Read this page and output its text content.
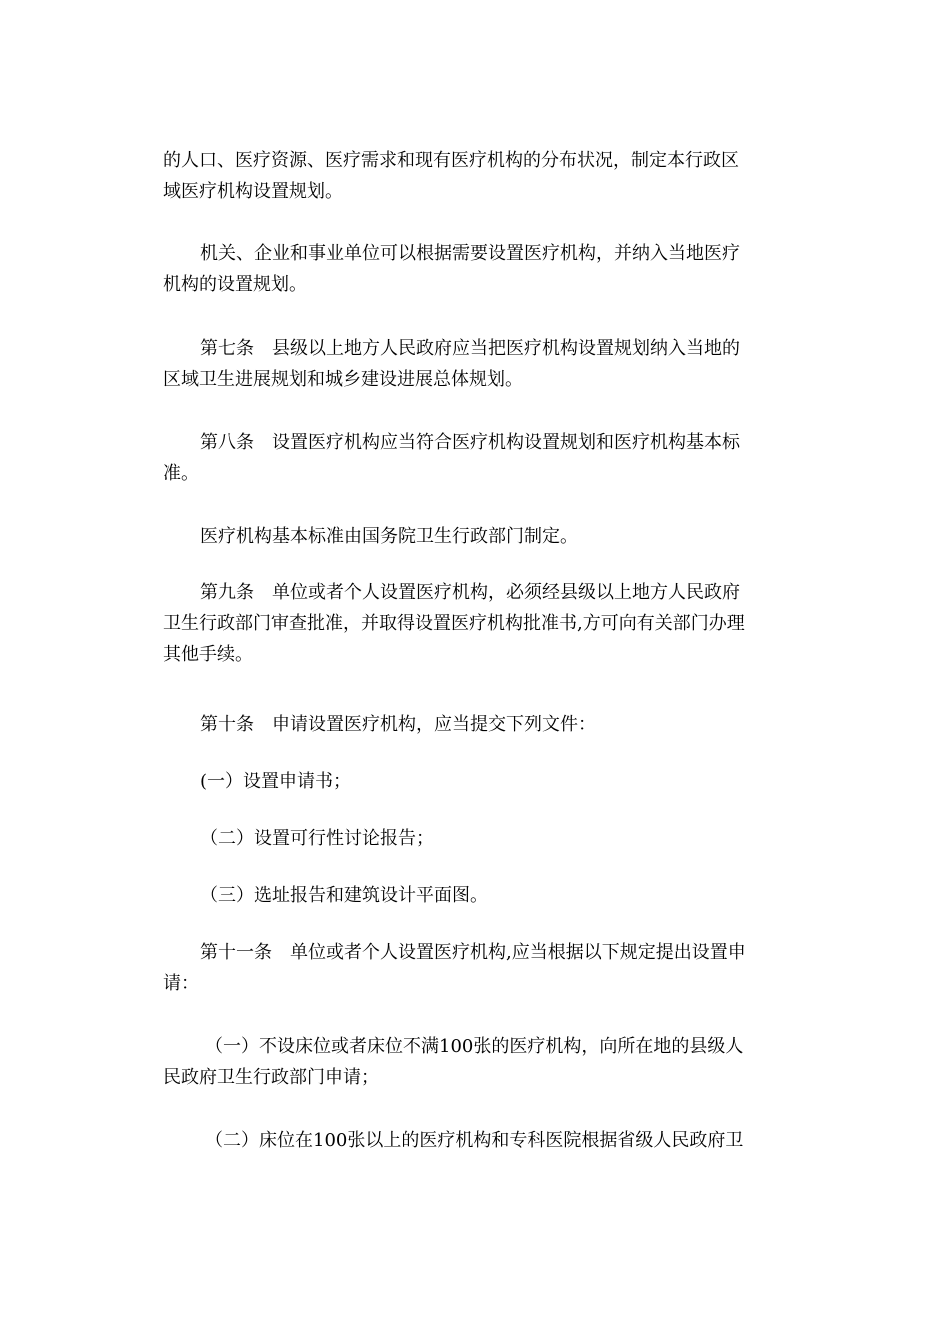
的人口、医疗资源、医疗需求和现有医疗机构的分布状况，制定本行政区
域医疗机构设置规划。

机关、企业和事业单位可以根据需要设置医疗机构，并纳入当地医疗
机构的设置规划。

第七条　县级以上地方人民政府应当把医疗机构设置规划纳入当地的
区域卫生进展规划和城乡建设进展总体规划。

第八条　设置医疗机构应当符合医疗机构设置规划和医疗机构基本标
准。

医疗机构基本标准由国务院卫生行政部门制定。

第九条　单位或者个人设置医疗机构，必须经县级以上地方人民政府
卫生行政部门审查批准，并取得设置医疗机构批准书,方可向有关部门办理
其他手续。

第十条　申请设置医疗机构，应当提交下列文件：

(一）设置申请书；

（二）设置可行性讨论报告；

（三）选址报告和建筑设计平面图。

第十一条　单位或者个人设置医疗机构,应当根据以下规定提出设置申
请：

（一）不设床位或者床位不满100张的医疗机构，向所在地的县级人
民政府卫生行政部门申请；

（二）床位在100张以上的医疗机构和专科医院根据省级人民政府卫
